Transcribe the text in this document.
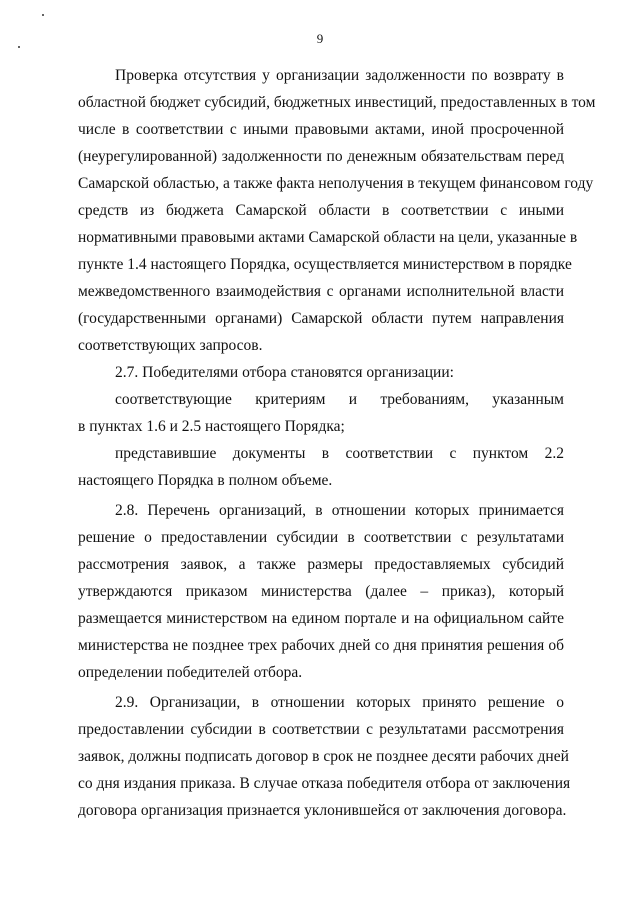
9
Проверка отсутствия у организации задолженности по возврату в
областной бюджет субсидий, бюджетных инвестиций, предоставленных в том
числе в соответствии с иными правовыми актами, иной просроченной
(неурегулированной) задолженности по денежным обязательствам перед
Самарской областью, а также факта неполучения в текущем финансовом году
средств из бюджета Самарской области в соответствии с иными
нормативными правовыми актами Самарской области на цели, указанные в
пункте 1.4 настоящего Порядка, осуществляется министерством в порядке
межведомственного взаимодействия с органами исполнительной власти
(государственными органами) Самарской области путем направления
соответствующих запросов.
2.7. Победителями отбора становятся организации:
соответствующие критериям и требованиям, указанным
в пунктах 1.6 и 2.5 настоящего Порядка;
представившие документы в соответствии с пунктом 2.2
настоящего Порядка в полном объеме.
2.8. Перечень организаций, в отношении которых принимается
решение о предоставлении субсидии в соответствии с результатами
рассмотрения заявок, а также размеры предоставляемых субсидий
утверждаются приказом министерства (далее – приказ), который
размещается министерством на едином портале и на официальном сайте
министерства не позднее трех рабочих дней со дня принятия решения об
определении победителей отбора.
2.9. Организации, в отношении которых принято решение о
предоставлении субсидии в соответствии с результатами рассмотрения
заявок, должны подписать договор в срок не позднее десяти рабочих дней
со дня издания приказа. В случае отказа победителя отбора от заключения
договора организация признается уклонившейся от заключения договора.
